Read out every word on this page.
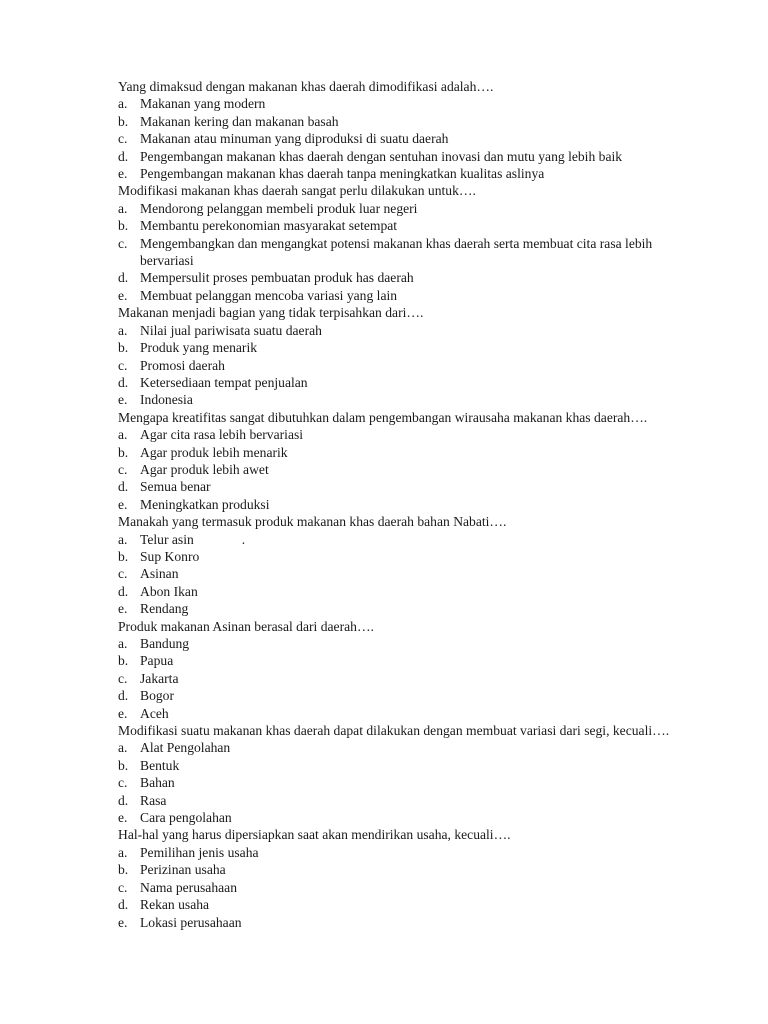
Yang dimaksud dengan makanan khas daerah dimodifikasi adalah….

a. Makanan yang modern
b. Makanan kering dan makanan basah
c. Makanan atau minuman yang diproduksi di suatu daerah
d. Pengembangan makanan khas daerah dengan sentuhan inovasi dan mutu yang lebih baik
e. Pengembangan makanan khas daerah tanpa meningkatkan kualitas aslinya

Modifikasi makanan khas daerah sangat perlu dilakukan untuk….

a. Mendorong pelanggan membeli produk luar negeri
b. Membantu perekonomian masyarakat setempat
c. Mengembangkan dan mengangkat potensi makanan khas daerah serta membuat cita rasa lebih bervariasi
d. Mempersulit proses pembuatan produk has daerah
e. Membuat pelanggan mencoba variasi yang lain

Makanan menjadi bagian yang tidak terpisahkan dari….

a. Nilai jual pariwisata suatu daerah
b. Produk yang menarik
c. Promosi daerah
d. Ketersediaan tempat penjualan
e. Indonesia

Mengapa kreatifitas sangat dibutuhkan dalam pengembangan wirausaha makanan khas daerah….

a. Agar cita rasa lebih bervariasi
b. Agar produk lebih menarik
c. Agar produk lebih awet
d. Semua benar
e. Meningkatkan produksi

Manakah yang termasuk produk makanan khas daerah bahan Nabati….

a. Telur asin	.
b. Sup Konro
c. Asinan
d. Abon Ikan
e. Rendang

Produk makanan Asinan berasal dari daerah….

a. Bandung
b. Papua
c. Jakarta
d. Bogor
e. Aceh

Modifikasi suatu makanan khas daerah dapat dilakukan dengan membuat variasi dari segi, kecuali….

a. Alat Pengolahan
b. Bentuk
c. Bahan
d. Rasa
e. Cara pengolahan

Hal-hal yang harus dipersiapkan saat akan mendirikan usaha, kecuali….

a. Pemilihan jenis usaha
b. Perizinan usaha
c. Nama perusahaan
d. Rekan usaha
e. Lokasi perusahaan
